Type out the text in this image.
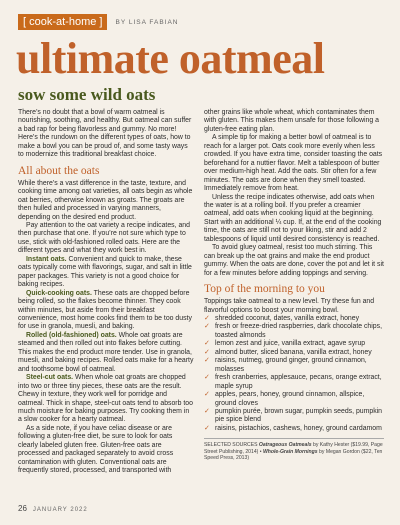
[ cook-at-home ]	BY LISA FABIAN
ultimate oatmeal
sow some wild oats

There’s no doubt that a bowl of warm oatmeal is nourishing, soothing, and healthy. But oatmeal can suffer a bad rap for being flavorless and gummy. No more! Here’s the rundown on the different types of oats, how to make a bowl you can be proud of, and some tasty ways to modernize this traditional breakfast choice.

All about the oats

While there’s a vast difference in the taste, texture, and cooking time among oat varieties, all oats begin as whole oat berries, otherwise known as groats. The groats are then hulled and processed in varying manners, depending on the desired end product.

Pay attention to the oat variety a recipe indicates, and then purchase that one. If you’re not sure which type to use, stick with old-fashioned rolled oats. Here are the different types and what they work best in.

Instant oats. Convenient and quick to make, these oats typically come with flavorings, sugar, and salt in little paper packages. This variety is not a good choice for baking recipes.

Quick-cooking oats. These oats are chopped before being rolled, so the flakes become thinner. They cook within minutes, but aside from their breakfast convenience, most home cooks find them to be too dusty for use in granola, muesli, and baking.

Rolled (old-fashioned) oats. Whole oat groats are steamed and then rolled out into flakes before cutting. This makes the end product more tender. Use in granola, muesli, and baking recipes. Rolled oats make for a hearty and toothsome bowl of oatmeal.

Steel-cut oats. When whole oat groats are chopped into two or three tiny pieces, these oats are the result. Chewy in texture, they work well for porridge and oatmeal. Thick in shape, steel-cut oats tend to absorb too much moisture for baking purposes. Try cooking them in a slow cooker for a hearty oatmeal.

As a side note, if you have celiac disease or are following a gluten-free diet, be sure to look for oats clearly labeled gluten free. Gluten-free oats are processed and packaged separately to avoid cross contamination with gluten. Conventional oats are frequently stored, processed, and transported with

other grains like whole wheat, which contaminates them with gluten. This makes them unsafe for those following a gluten-free eating plan.

A simple tip for making a better bowl of oatmeal is to reach for a larger pot. Oats cook more evenly when less crowded. If you have extra time, consider toasting the oats beforehand for a nuttier flavor. Melt a tablespoon of butter over medium-high heat. Add the oats. Stir often for a few minutes. The oats are done when they smell toasted. Immediately remove from heat.

Unless the recipe indicates otherwise, add oats when the water is at a rolling boil. If you prefer a creamier oatmeal, add oats when cooking liquid at the beginning. Start with an additional ¼ cup. If, at the end of the cooking time, the oats are still not to your liking, stir and add 2 tablespoons of liquid until desired consistency is reached.

To avoid gluey oatmeal, resist too much stirring. This can break up the oat grains and make the end product gummy. When the oats are done, cover the pot and let it sit for a few minutes before adding toppings and serving.

Top of the morning to you

Toppings take oatmeal to a new level. Try these fun and flavorful options to boost your morning bowl.

✓ shredded coconut, dates, vanilla extract, honey
✓ fresh or freeze-dried raspberries, dark chocolate chips, toasted almonds
✓ lemon zest and juice, vanilla extract, agave syrup
✓ almond butter, sliced banana, vanilla extract, honey
✓ raisins, nutmeg, ground ginger, ground cinnamon, molasses
✓ fresh cranberries, applesauce, pecans, orange extract, maple syrup
✓ apples, pears, honey, ground cinnamon, allspice, ground cloves
✓ pumpkin purée, brown sugar, pumpkin seeds, pumpkin pie spice blend
✓ raisins, pistachios, cashews, honey, ground cardamom

SELECTED SOURCES Oatrageous Oatmeals by Kathy Hester ($19.99, Page Street Publishing, 2014) • Whole-Grain Mornings by Megan Gordon ($22, Ten Speed Press, 2013)

26 JANUARY 2022
